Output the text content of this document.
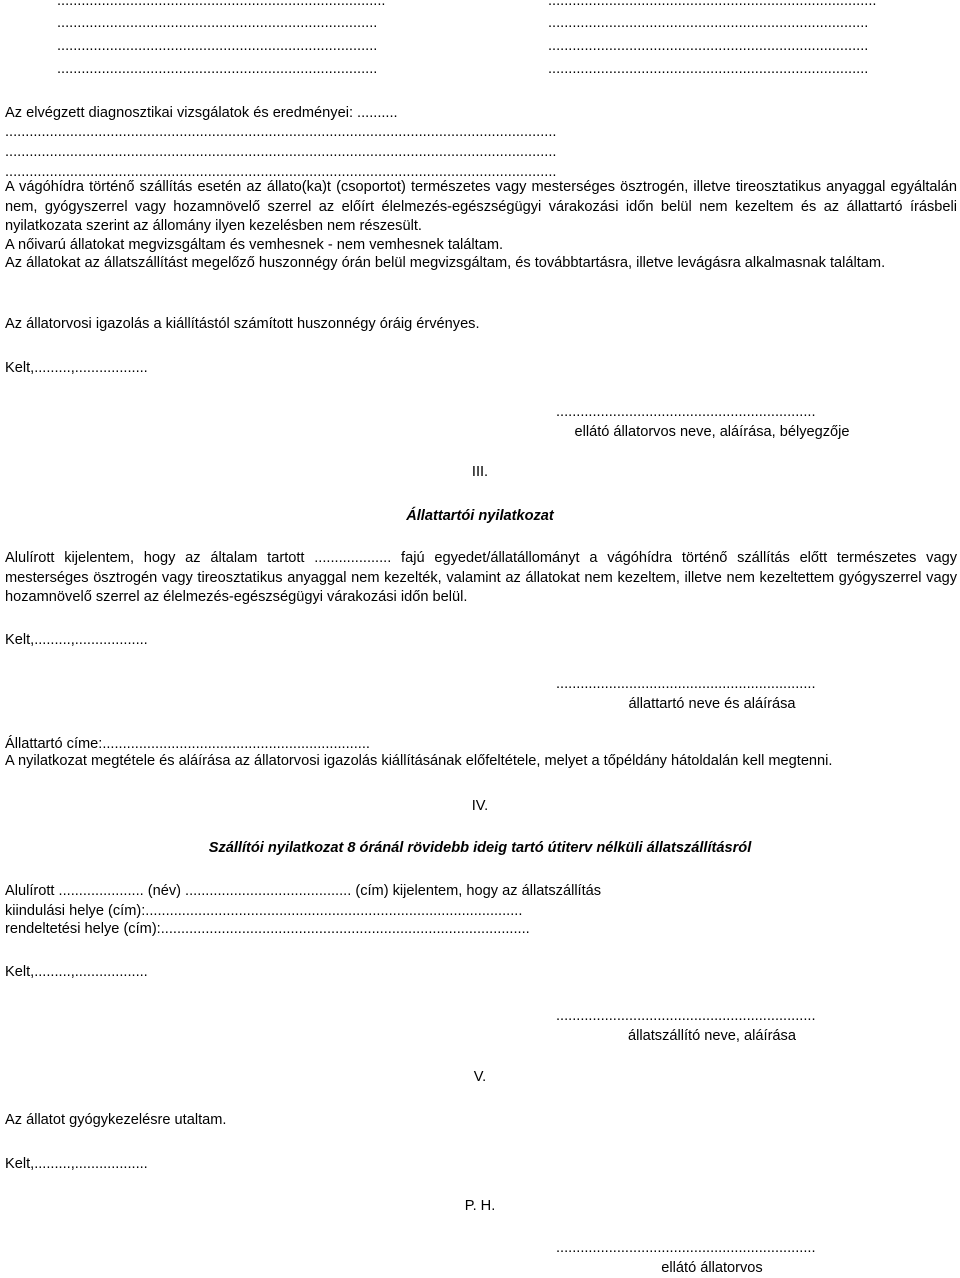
.................................................................................
...............................................................................
...............................................................................
...............................................................................
.................................................................................
...............................................................................
...............................................................................
...............................................................................
Az elvégzett diagnosztikai vizsgálatok és eredményei: ..........
........................................................................................................................................
........................................................................................................................................
........................................................................................................................................
A vágóhídra történő szállítás esetén az állato(ka)t (csoportot) természetes vagy mesterséges ösztrogén, illetve tireosztatikus anyaggal egyáltalán nem, gyógyszerrel vagy hozamnövelő szerrel az előírt élelmezés-egészségügyi várakozási időn belül nem kezeltem és az állattartó írásbeli nyilatkozata szerint az állomány ilyen kezelésben nem részesült.
A nőivarú állatokat megvizsgáltam és vemhesnek - nem vemhesnek találtam.
Az állatokat az állatszállítást megelőző huszonnégy órán belül megvizsgáltam, és továbbtartásra, illetve levágásra alkalmasnak találtam.
Az állatorvosi igazolás a kiállítástól számított huszonnégy óráig érvényes.
Kelt,.........,..................
................................................................
ellátó állatorvos neve, aláírása, bélyegzője
III.
Állattartói nyilatkozat
Alulírott kijelentem, hogy az általam tartott ................... fajú egyedet/állatállományt a vágóhídra történő szállítás előtt természetes vagy mesterséges ösztrogén vagy tireosztatikus anyaggal nem kezelték, valamint az állatokat nem kezeltem, illetve nem kezeltettem gyógyszerrel vagy hozamnövelő szerrel az élelmezés-egészségügyi várakozási időn belül.
Kelt,.........,..................
................................................................
állattartó neve és aláírása
Állattartó címe:..................................................................
A nyilatkozat megtétele és aláírása az állatorvosi igazolás kiállításának előfeltétele, melyet a tőpéldány hátoldalán kell megtenni.
IV.
Szállítói nyilatkozat 8 óránál rövidebb ideig tartó útiterv nélküli állatszállításról
Alulírott ..................... (név) ......................................... (cím) kijelentem, hogy az állatszállítás
kiindulási helye (cím):.............................................................................................
rendeltetési helye (cím):...........................................................................................
Kelt,.........,..................
................................................................
állatszállító neve, aláírása
V.
Az állatot gyógykezelésre utaltam.
Kelt,.........,..................
P. H.
................................................................
ellátó állatorvos
